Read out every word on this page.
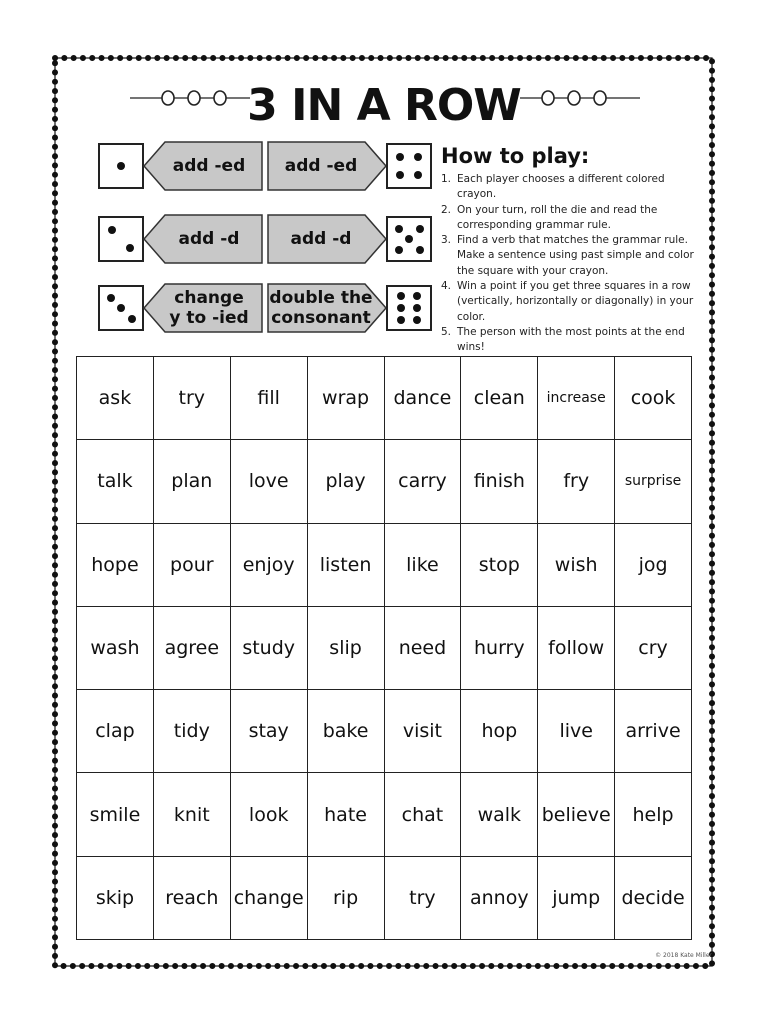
3 IN A ROW
add -ed	add -ed
add -d	add -d
change
y to -ied
double the
consonant
How to play:
1. Each player chooses a different colored crayon.
2. On your turn, roll the die and read the corresponding grammar rule.
3. Find a verb that matches the grammar rule. Make a sentence using past simple and color the square with your crayon.
4. Win a point if you get three squares in a row (vertically, horizontally or diagonally) in your color.
5. The person with the most points at the end wins!
ask	try	fill	wrap	dance	clean	increase	cook
talk	plan	love	play	carry	finish	fry	surprise
hope	pour	enjoy	listen	like	stop	wish	jog
wash	agree	study	slip	need	hurry	follow	cry
clap	tidy	stay	bake	visit	hop	live	arrive
smile	knit	look	hate	chat	walk	believe	help
skip	reach	change	rip	try	annoy	jump	decide
© 2018 Kate Miller
